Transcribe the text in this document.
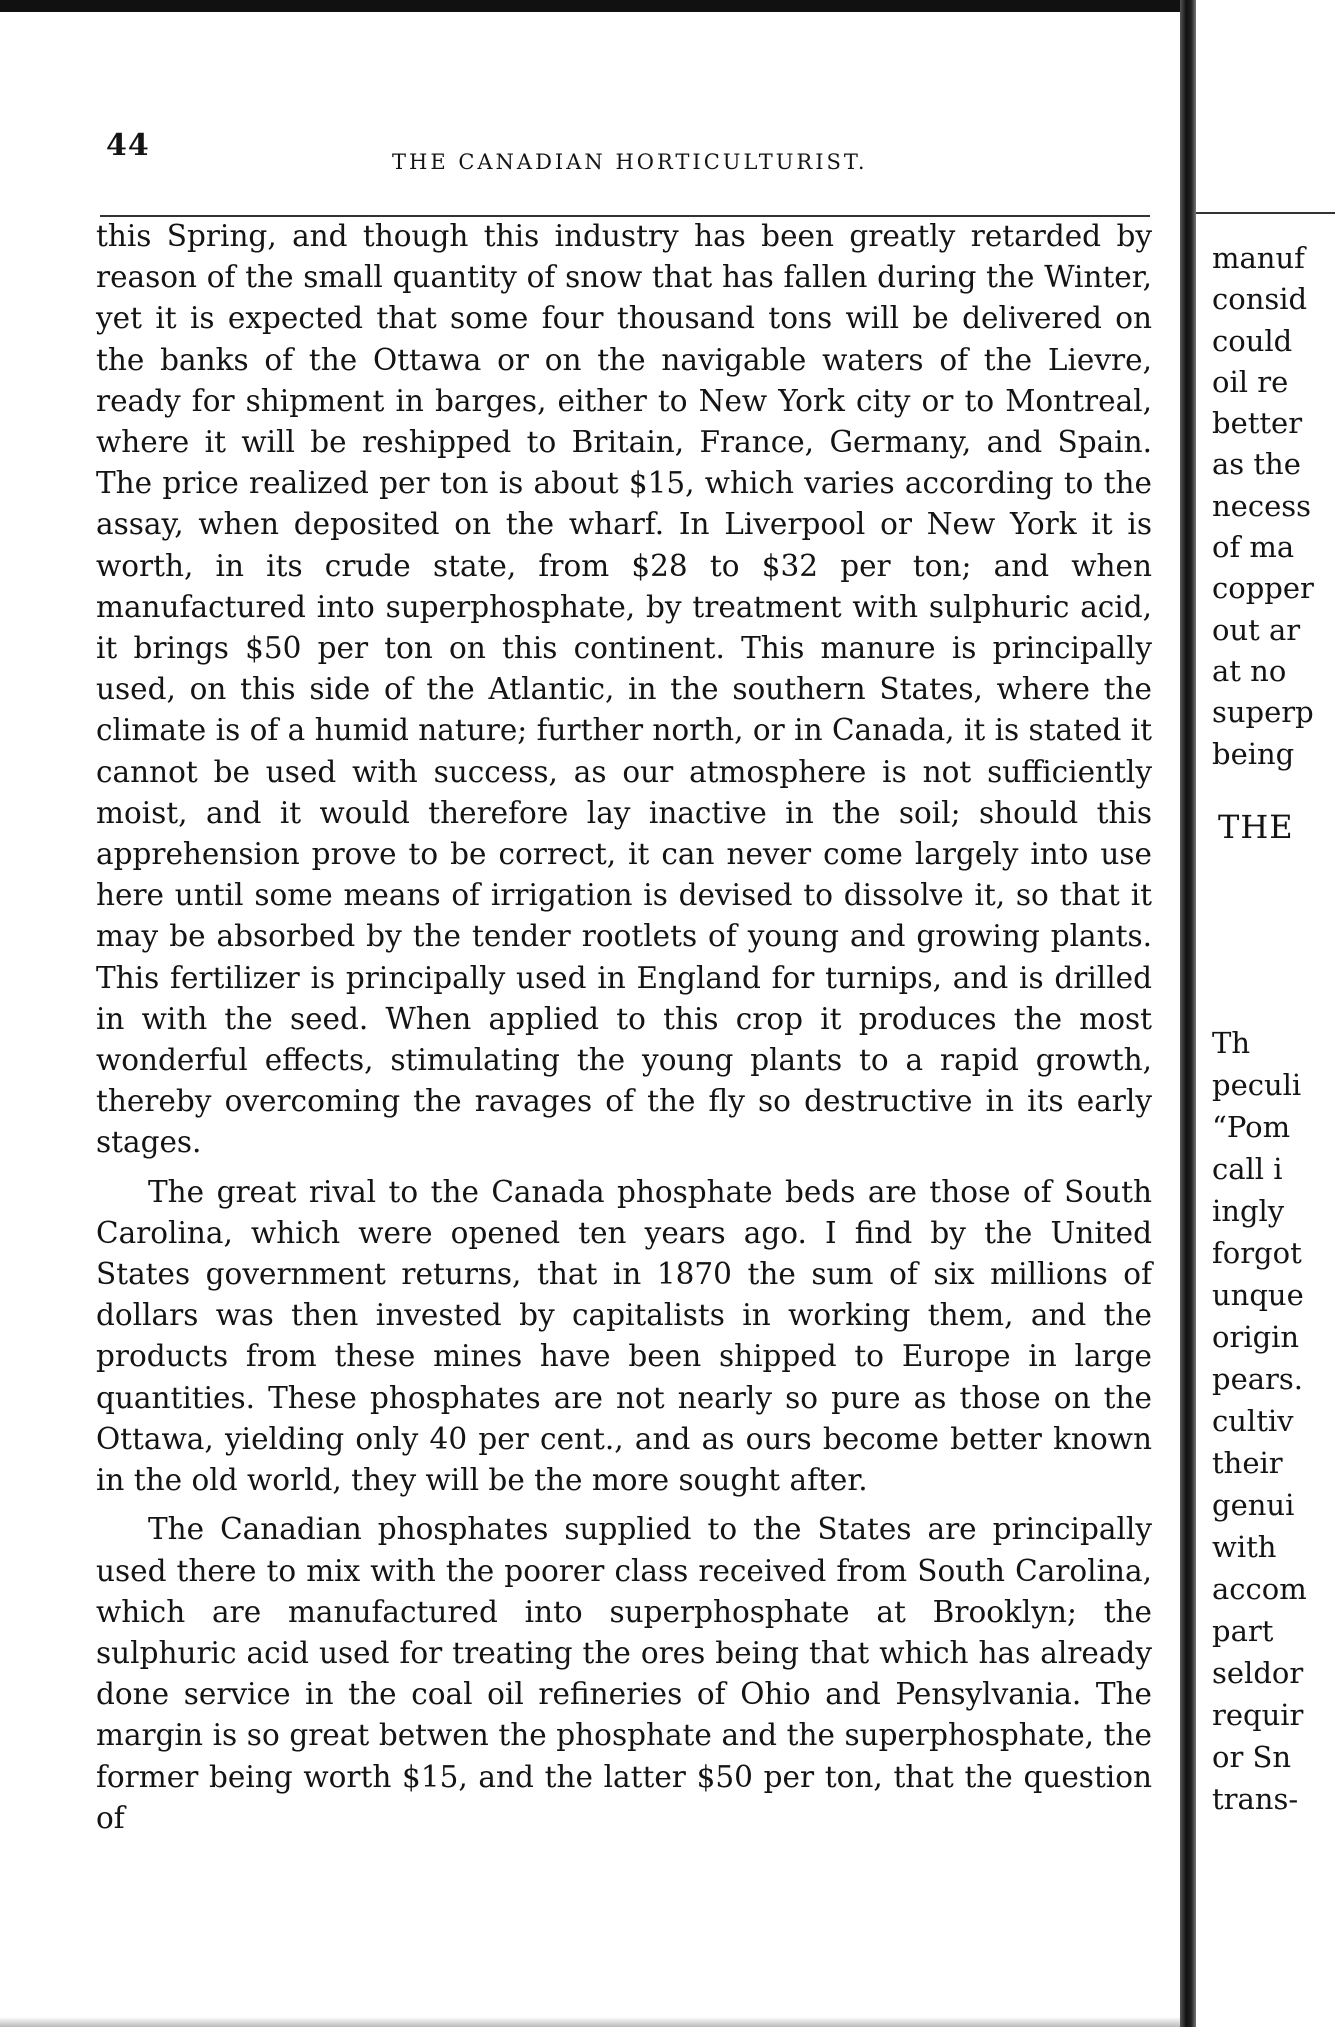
44	THE CANADIAN HORTICULTURIST.

this Spring, and though this industry has been greatly retarded by reason of the small quantity of snow that has fallen during the Winter, yet it is expected that some four thousand tons will be delivered on the banks of the Ottawa or on the navigable waters of the Lievre, ready for shipment in barges, either to New York city or to Montreal, where it will be reshipped to Britain, France, Germany, and Spain. The price realized per ton is about $15, which varies according to the assay, when deposited on the wharf. In Liverpool or New York it is worth, in its crude state, from $28 to $32 per ton; and when manufactured into superphosphate, by treatment with sulphuric acid, it brings $50 per ton on this continent. This manure is principally used, on this side of the Atlantic, in the southern States, where the climate is of a humid nature; further north, or in Canada, it is stated it cannot be used with success, as our atmosphere is not sufficiently moist, and it would therefore lay inactive in the soil; should this apprehension prove to be correct, it can never come largely into use here until some means of irrigation is devised to dissolve it, so that it may be absorbed by the tender rootlets of young and growing plants. This fertilizer is principally used in England for turnips, and is drilled in with the seed. When applied to this crop it produces the most wonderful effects, stimulating the young plants to a rapid growth, thereby overcoming the ravages of the fly so destructive in its early stages.

The great rival to the Canada phosphate beds are those of South Carolina, which were opened ten years ago. I find by the United States government returns, that in 1870 the sum of six millions of dollars was then invested by capitalists in working them, and the products from these mines have been shipped to Europe in large quantities. These phosphates are not nearly so pure as those on the Ottawa, yielding only 40 per cent., and as ours become better known in the old world, they will be the more sought after.

The Canadian phosphates supplied to the States are principally used there to mix with the poorer class received from South Carolina, which are manufactured into superphosphate at Brooklyn; the sulphuric acid used for treating the ores being that which has already done service in the coal oil refineries of Ohio and Pensylvania. The margin is so great betwen the phosphate and the superphosphate, the former being worth $15, and the latter $50 per ton, that the question of

manuf
consid
could
oil re
better
as the
necess
of ma
copper
out ar
at no
superp
being
THE
Th
peculi
“Pom
call i
ingly
forgot
unque
origin
pears.
cultiv
their
genui
with
accom
part
seldor
requir
or Sn
trans-
